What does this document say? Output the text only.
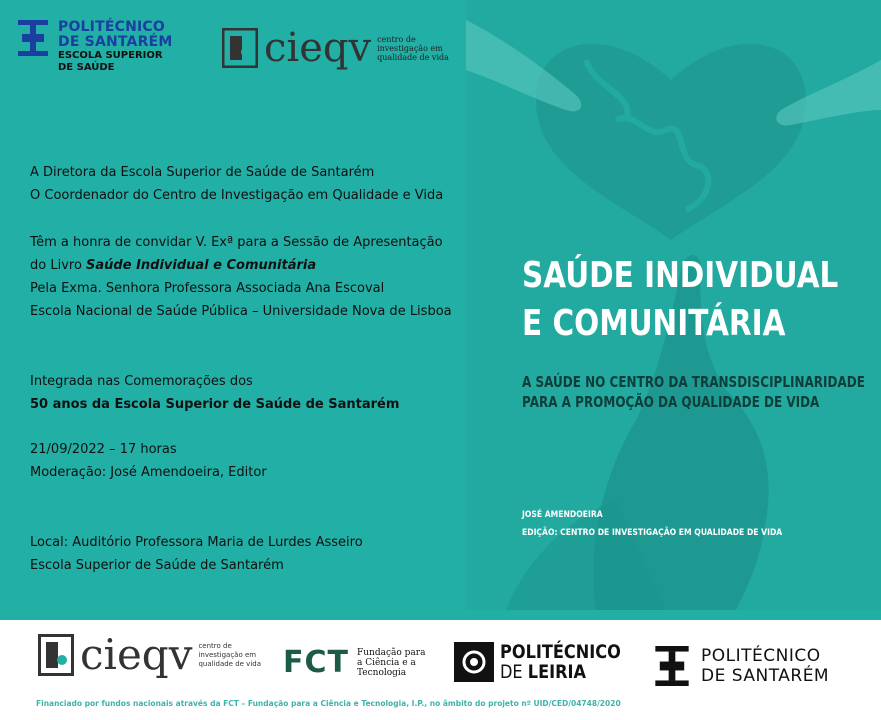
POLITÉCNICO
DE SANTARÉM
ESCOLA SUPERIOR
DE SAÚDE	cieqv centro de investigação em qualidade de vida
A Diretora da Escola Superior de Saúde de Santarém
O Coordenador do Centro de Investigação em Qualidade e Vida
Têm a honra de convidar V. Exª para a Sessão de Apresentação
do Livro Saúde Individual e Comunitária
Pela Exma. Senhora Professora Associada Ana Escoval
Escola Nacional de Saúde Pública – Universidade Nova de Lisboa
Integrada nas Comemorações dos
50 anos da Escola Superior de Saúde de Santarém
21/09/2022 – 17 horas
Moderação: José Amendoeira, Editor
Local: Auditório Professora Maria de Lurdes Asseiro
Escola Superior de Saúde de Santarém
SAÚDE INDIVIDUAL
E COMUNITÁRIA
A SAÚDE NO CENTRO DA TRANSDISCIPLINARIDADE
PARA A PROMOÇÃO DA QUALIDADE DE VIDA
JOSÉ AMENDOEIRA
EDIÇÃO: CENTRO DE INVESTIGAÇÃO EM QUALIDADE DE VIDA
cieqv centro de investigação em qualidade de vida FCT Fundação para a Ciência e a Tecnologia
POLITÉCNICO
DE LEIRIA
POLITÉCNICO
DE SANTARÉM
Financiado por fundos nacionais através da FCT – Fundação para a Ciência e Tecnologia, I.P., no âmbito do projeto nº UID/CED/04748/2020
